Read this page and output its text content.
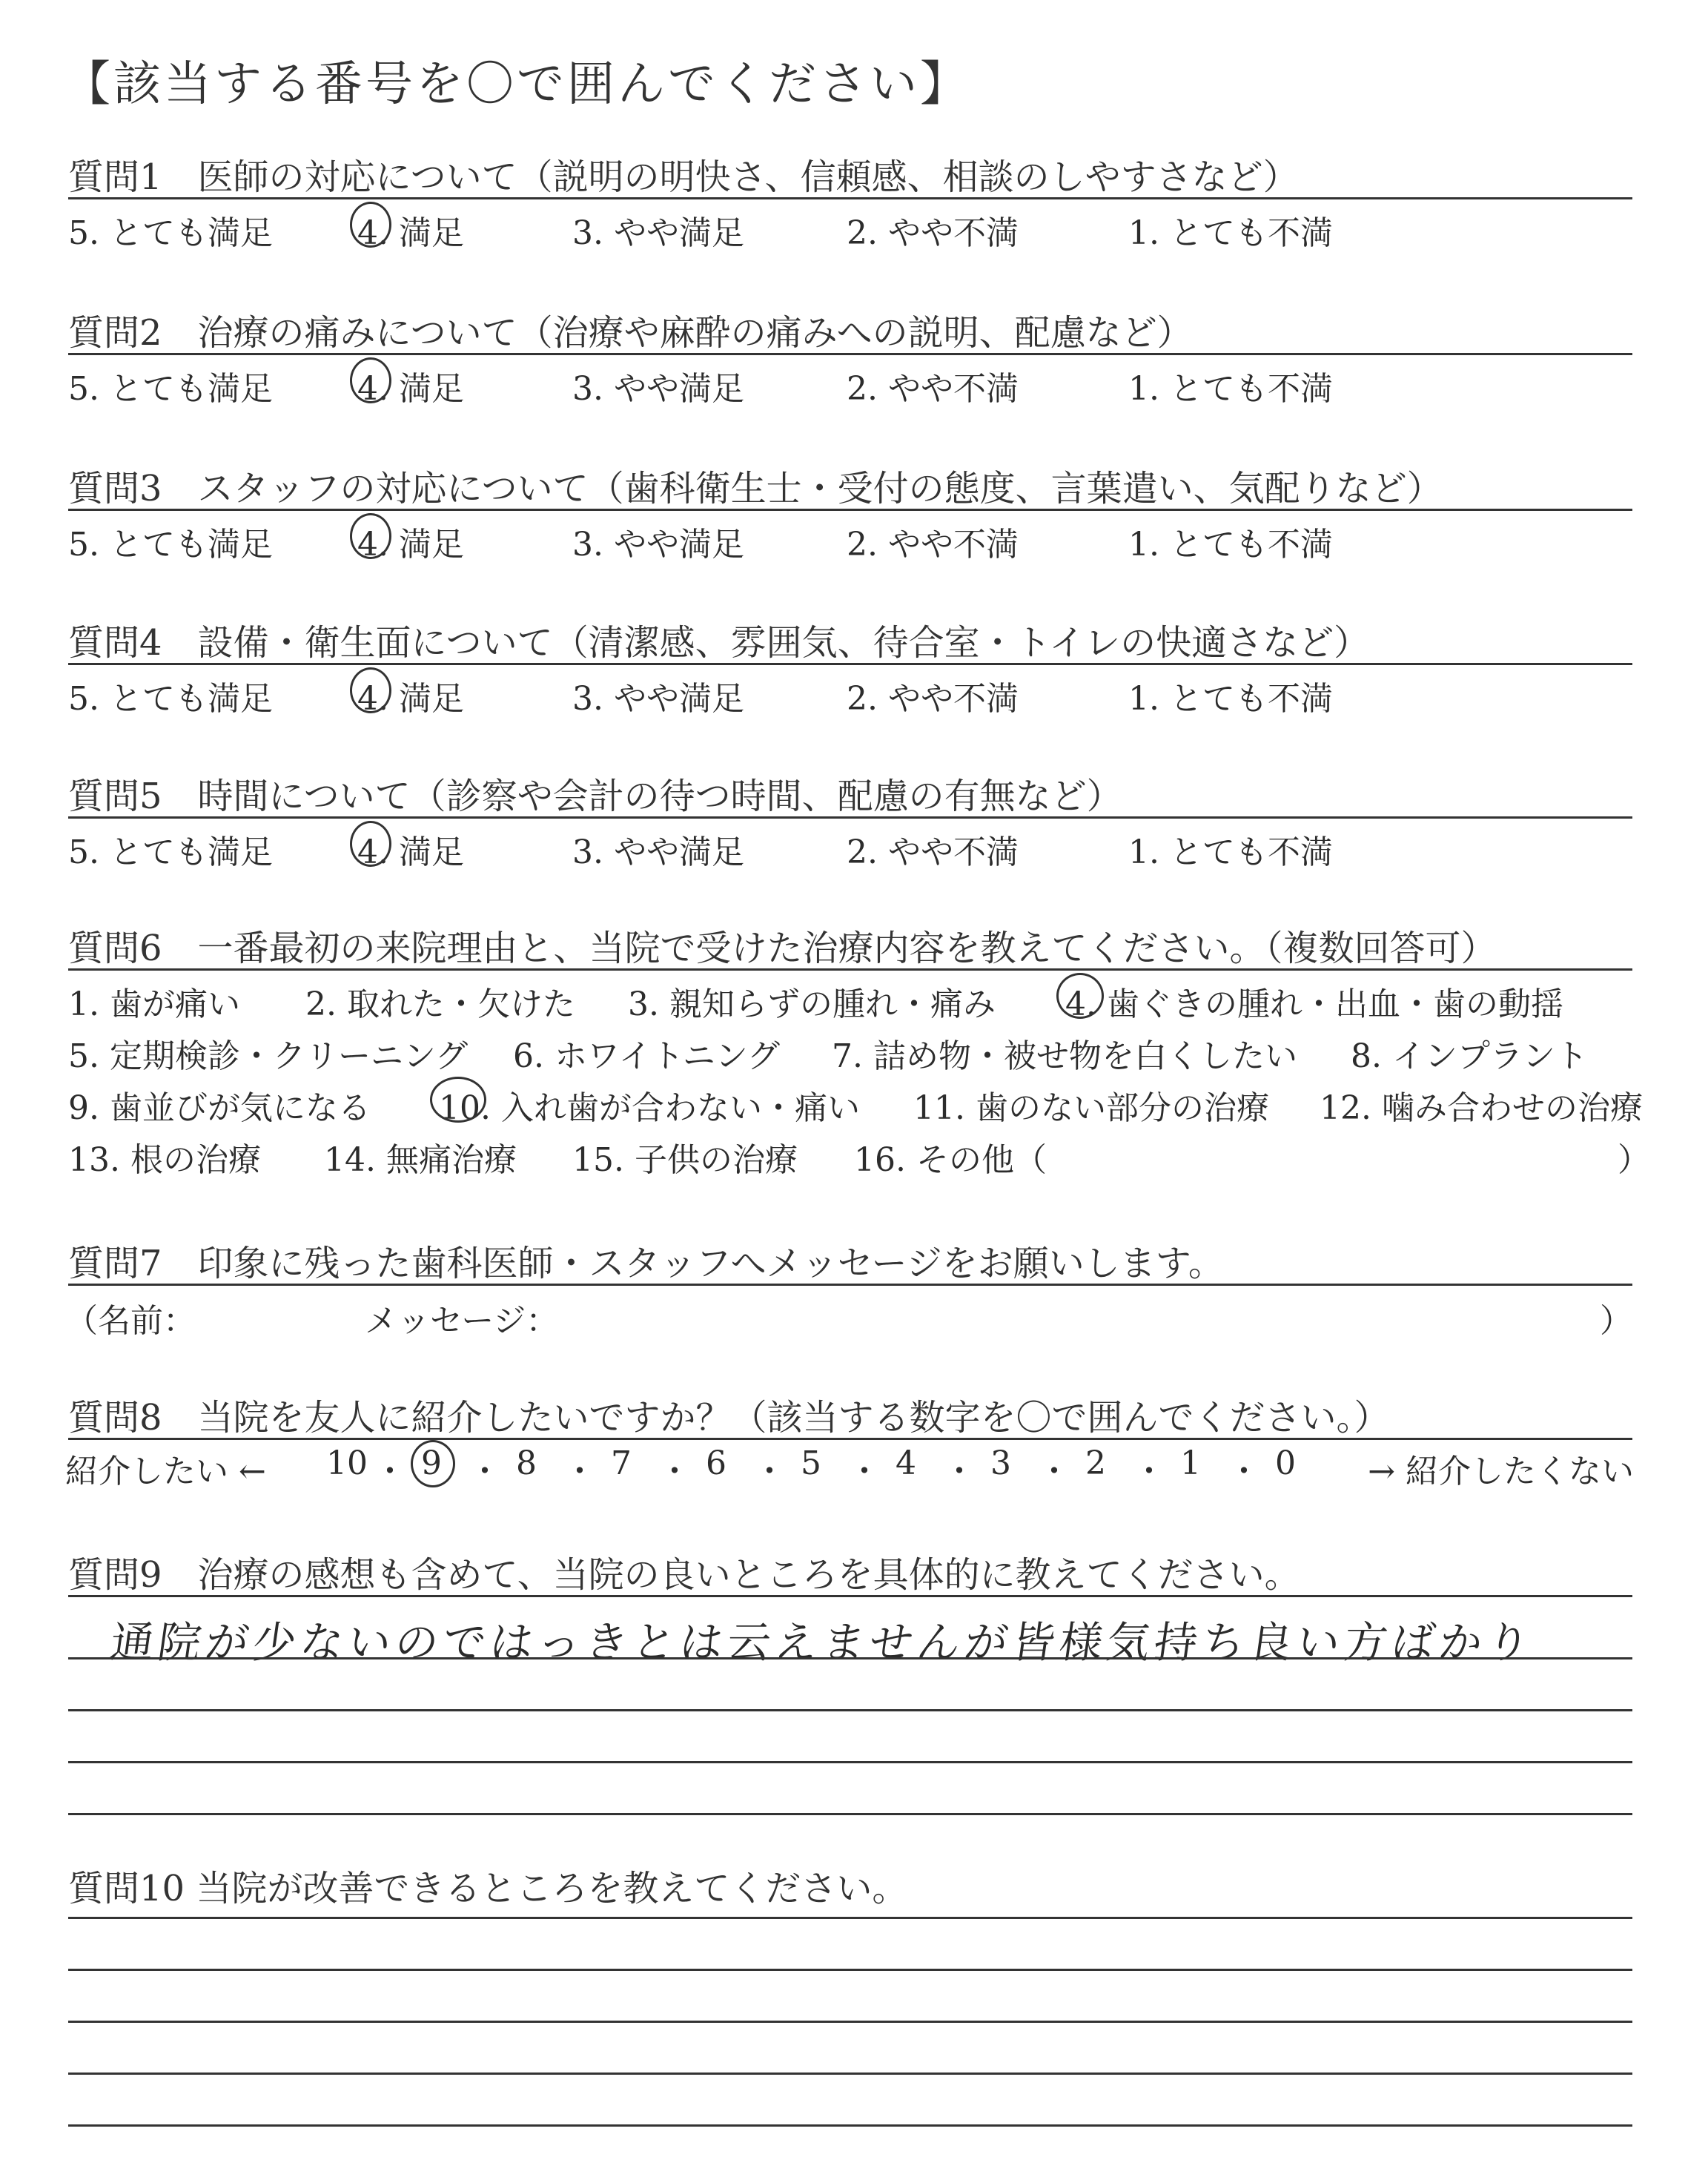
【該当する番号を〇で囲んでください】
質問1　医師の対応について（説明の明快さ、信頼感、相談のしやすさなど）
5. とても満足	4. 満足	3. やや満足	2. やや不満	1. とても不満
質問2　治療の痛みについて（治療や麻酔の痛みへの説明、配慮など）
5. とても満足	4. 満足	3. やや満足	2. やや不満	1. とても不満
質問3　スタッフの対応について（歯科衛生士・受付の態度、言葉遣い、気配りなど）
5. とても満足	4. 満足	3. やや満足	2. やや不満	1. とても不満
質問4　設備・衛生面について（清潔感、雰囲気、待合室・トイレの快適さなど）
5. とても満足	4. 満足	3. やや満足	2. やや不満	1. とても不満
質問5　時間について（診察や会計の待つ時間、配慮の有無など）
5. とても満足	4. 満足	3. やや満足	2. やや不満	1. とても不満
質問6　一番最初の来院理由と、当院で受けた治療内容を教えてください。（複数回答可）
1. 歯が痛い 2. 取れた・欠けた 3. 親知らずの腫れ・痛み 4. 歯ぐきの腫れ・出血・歯の動揺
5. 定期検診・クリーニング 6. ホワイトニング 7. 詰め物・被せ物を白くしたい 8. インプラント
9. 歯並びが気になる 10. 入れ歯が合わない・痛い 11. 歯のない部分の治療 12. 噛み合わせの治療
13. 根の治療 14. 無痛治療 15. 子供の治療 16. その他（	）
質問7　印象に残った歯科医師・スタッフへメッセージをお願いします。
（名前：	メッセージ：	）
質問8　当院を友人に紹介したいですか？（該当する数字を〇で囲んでください。）
紹介したい ← 10 ・ 9 ・ 8 ・ 7 ・ 6 ・ 5 ・ 4 ・ 3 ・ 2 ・ 1 ・ 0 → 紹介したくない
質問9　治療の感想も含めて、当院の良いところを具体的に教えてください。
通院が少ないのではっきとは云えませんが皆様気持ち良い方ばかり
質問10 当院が改善できるところを教えてください。
